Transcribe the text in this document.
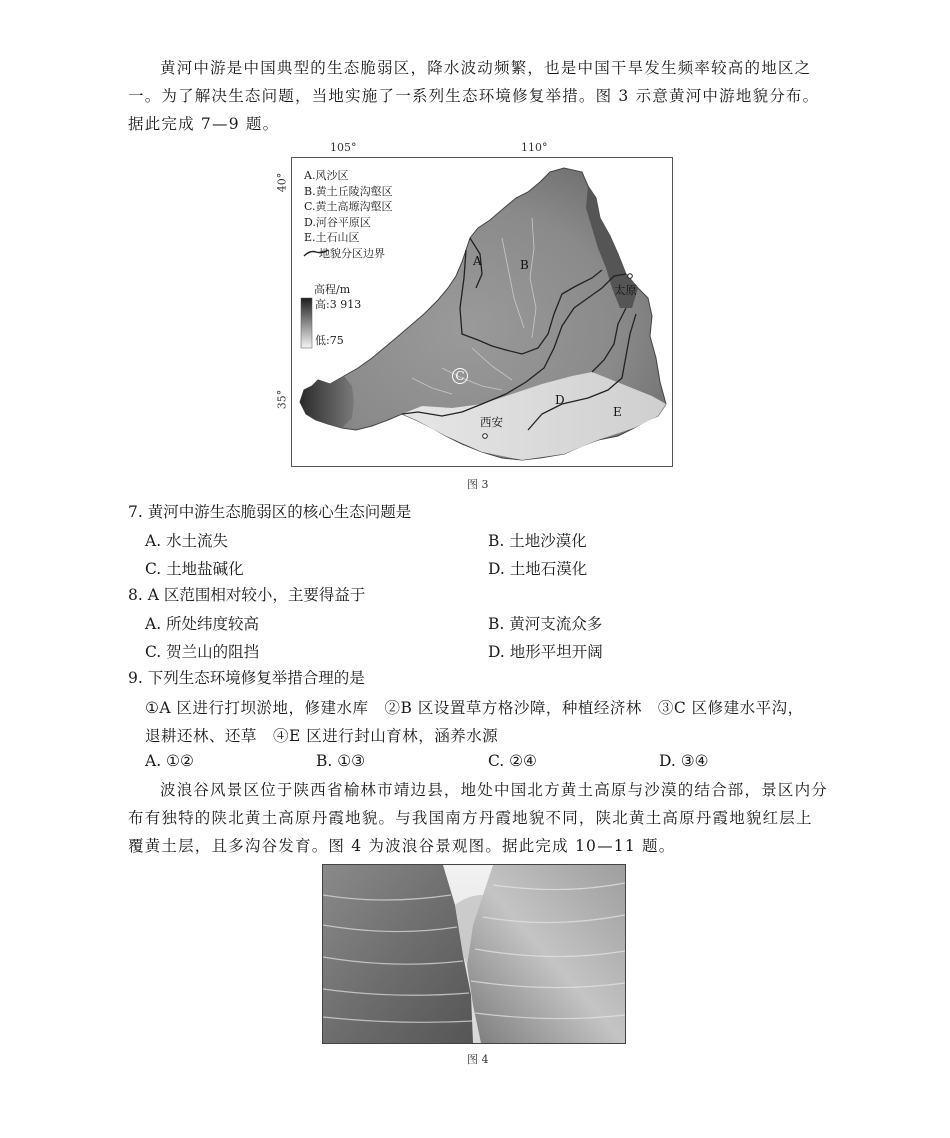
黄河中游是中国典型的生态脆弱区，降水波动频繁，也是中国干旱发生频率较高的地区之一。为了解决生态问题，当地实施了一系列生态环境修复举措。图 3 示意黄河中游地貌分布。据此完成 7—9 题。
105°	110°
40°
35°
A.风沙区
B.黄土丘陵沟壑区
C.黄土高塬沟壑区
D.河谷平原区
E.土石山区
地貌分区边界
高程/m
高:3 913
低:75
A	B
C
D
E
太原
西安
图 3
7. 黄河中游生态脆弱区的核心生态问题是
A. 水土流失	B. 土地沙漠化
C. 土地盐碱化	D. 土地石漠化
8. A 区范围相对较小，主要得益于
A. 所处纬度较高	B. 黄河支流众多
C. 贺兰山的阻挡	D. 地形平坦开阔
9. 下列生态环境修复举措合理的是
①A 区进行打坝淤地，修建水库　②B 区设置草方格沙障，种植经济林　③C 区修建水平沟，
退耕还林、还草　④E 区进行封山育林，涵养水源
A. ①②	B. ①③	C. ②④	D. ③④
波浪谷风景区位于陕西省榆林市靖边县，地处中国北方黄土高原与沙漠的结合部，景区内分布有独特的陕北黄土高原丹霞地貌。与我国南方丹霞地貌不同，陕北黄土高原丹霞地貌红层上覆黄土层，且多沟谷发育。图 4 为波浪谷景观图。据此完成 10—11 题。
图 4
